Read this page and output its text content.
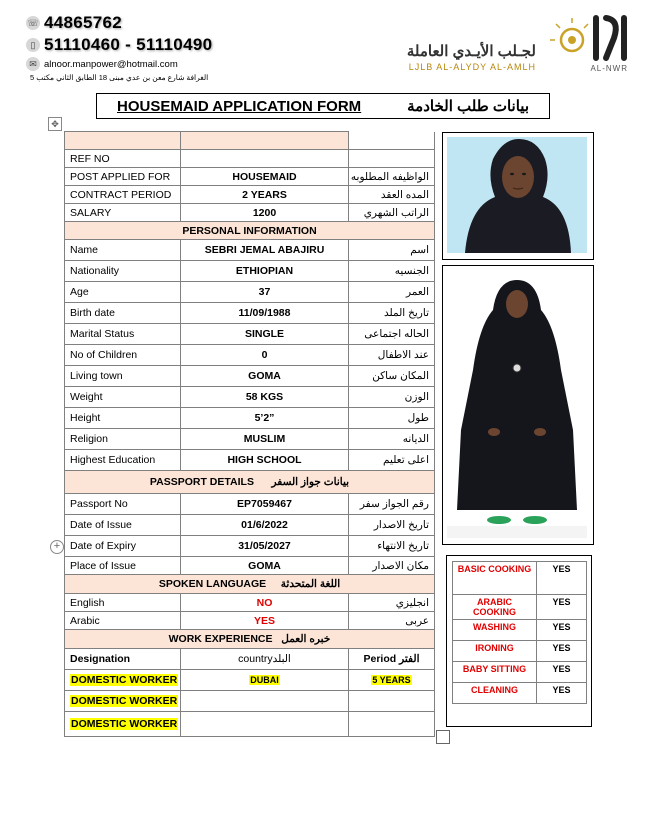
☏ 44865762
▯ 51110460 - 51110490
✉ alnoor.manpower@hotmail.com
الغرافة شارع معن بن عدي مبنى 18 الطابق الثاني مكتب 5
لجـلب الأيـدي العاملة
LJLB AL-ALYDY AL-AMLH	AL-NWR
HOUSEMAID APPLICATION FORM	بيانات طلب الخادمة
✥

REF NO		
POST APPLIED FOR	HOUSEMAID	الواظيفه المطلوبه
CONTRACT PERIOD	2 YEARS	المده العقد
SALARY	1200	الراتب الشهري
PERSONAL INFORMATION		
Name	SEBRI JEMAL ABAJIRU	اسم
Nationality	ETHIOPIAN	الجنسيه
Age	37	العمر
Birth date	11/09/1988	تاريخ الملد
Marital Status	SINGLE	الحاله اجتماعى
No of Children	0	عند الاطفال
Living town	GOMA	المكان ساكن
Weight	58 KGS	الوزن
Height	5’2”	طول
Religion	MUSLIM	الديانه
Highest Education	HIGH SCHOOL	اعلى تعليم
PASSPORT DETAILS بيانات جواز السفر		
Passport No	EP7059467	رقم الجواز سفر
Date of Issue	01/6/2022	تاريخ الاصدار
Date of Expiry	31/05/2027	تاريخ الانتهاء
Place of Issue	GOMA	مكان الاصدار
SPOKEN LANGUAGE اللغة المتحدثة		
English	NO	انجليزي
Arabic	YES	عربى
WORK EXPERIENCE خبره العمل		
Designation	countryالبلد	Period الفتر
DOMESTIC WORKER	DUBAI	5 YEARS
DOMESTIC WORKER		
DOMESTIC WORKER		
+
BASIC COOKING	YES
ARABIC COOKING	YES
WASHING	YES
IRONING	YES
BABY SITTING	YES
CLEANING	YES
